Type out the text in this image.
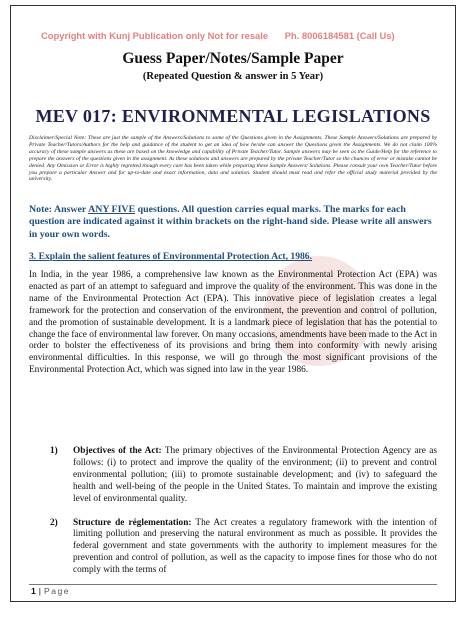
Copyright with Kunj Publication only Not for resale Ph. 8006184581 (Call Us)
Guess Paper/Notes/Sample Paper
(Repeated Question & answer in 5 Year)
MEV 017: ENVIRONMENTAL LEGISLATIONS
Disclaimer/Special Note: These are just the sample of the Answers/Solutions to some of the Questions given in the Assignments. These Sample Answers/Solutions are prepared by Private Teacher/Tutors/Authors for the help and guidance of the student to get an idea of how he/she can answer the Questions given the Assignments. We do not claim 100% accuracy of these sample answers as these are based on the knowledge and capability of Private Teacher/Tutor. Sample answers may be seen as the Guide/Help for the reference to prepare the answers of the questions given in the assignment. As these solutions and answers are prepared by the private Teacher/Tutor so the chances of error or mistake cannot be denied. Any Omission or Error is highly regretted though every care has been taken while preparing these Sample Answers/ Solutions. Please consult your own Teacher/Tutor before you prepare a particular Answer and for up-to-date and exact information, data and solution. Student should must read and refer the official study material provided by the university.
Note: Answer ANY FIVE questions. All question carries equal marks. The marks for each question are indicated against it within brackets on the right-hand side. Please write all answers in your own words.
3. Explain the salient features of Environmental Protection Act, 1986.
In India, in the year 1986, a comprehensive law known as the Environmental Protection Act (EPA) was enacted as part of an attempt to safeguard and improve the quality of the environment. This was done in the name of the Environmental Protection Act (EPA). This innovative piece of legislation creates a legal framework for the protection and conservation of the environment, the prevention and control of pollution, and the promotion of sustainable development. It is a landmark piece of legislation that has the potential to change the face of environmental law forever. On many occasions, amendments have been made to the Act in order to bolster the effectiveness of its provisions and bring them into conformity with newly arising environmental difficulties. In this response, we will go through the most significant provisions of the Environmental Protection Act, which was signed into law in the year 1986.
1) Objectives of the Act: The primary objectives of the Environmental Protection Agency are as follows: (i) to protect and improve the quality of the environment; (ii) to prevent and control environmental pollution; (iii) to promote sustainable development; and (iv) to safeguard the health and well-being of the people in the United States. To maintain and improve the existing level of environmental quality.
2) Structure de réglementation: The Act creates a regulatory framework with the intention of limiting pollution and preserving the natural environment as much as possible. It provides the federal government and state governments with the authority to implement measures for the prevention and control of pollution, as well as the capacity to impose fines for those who do not comply with the terms of
1 | Page
